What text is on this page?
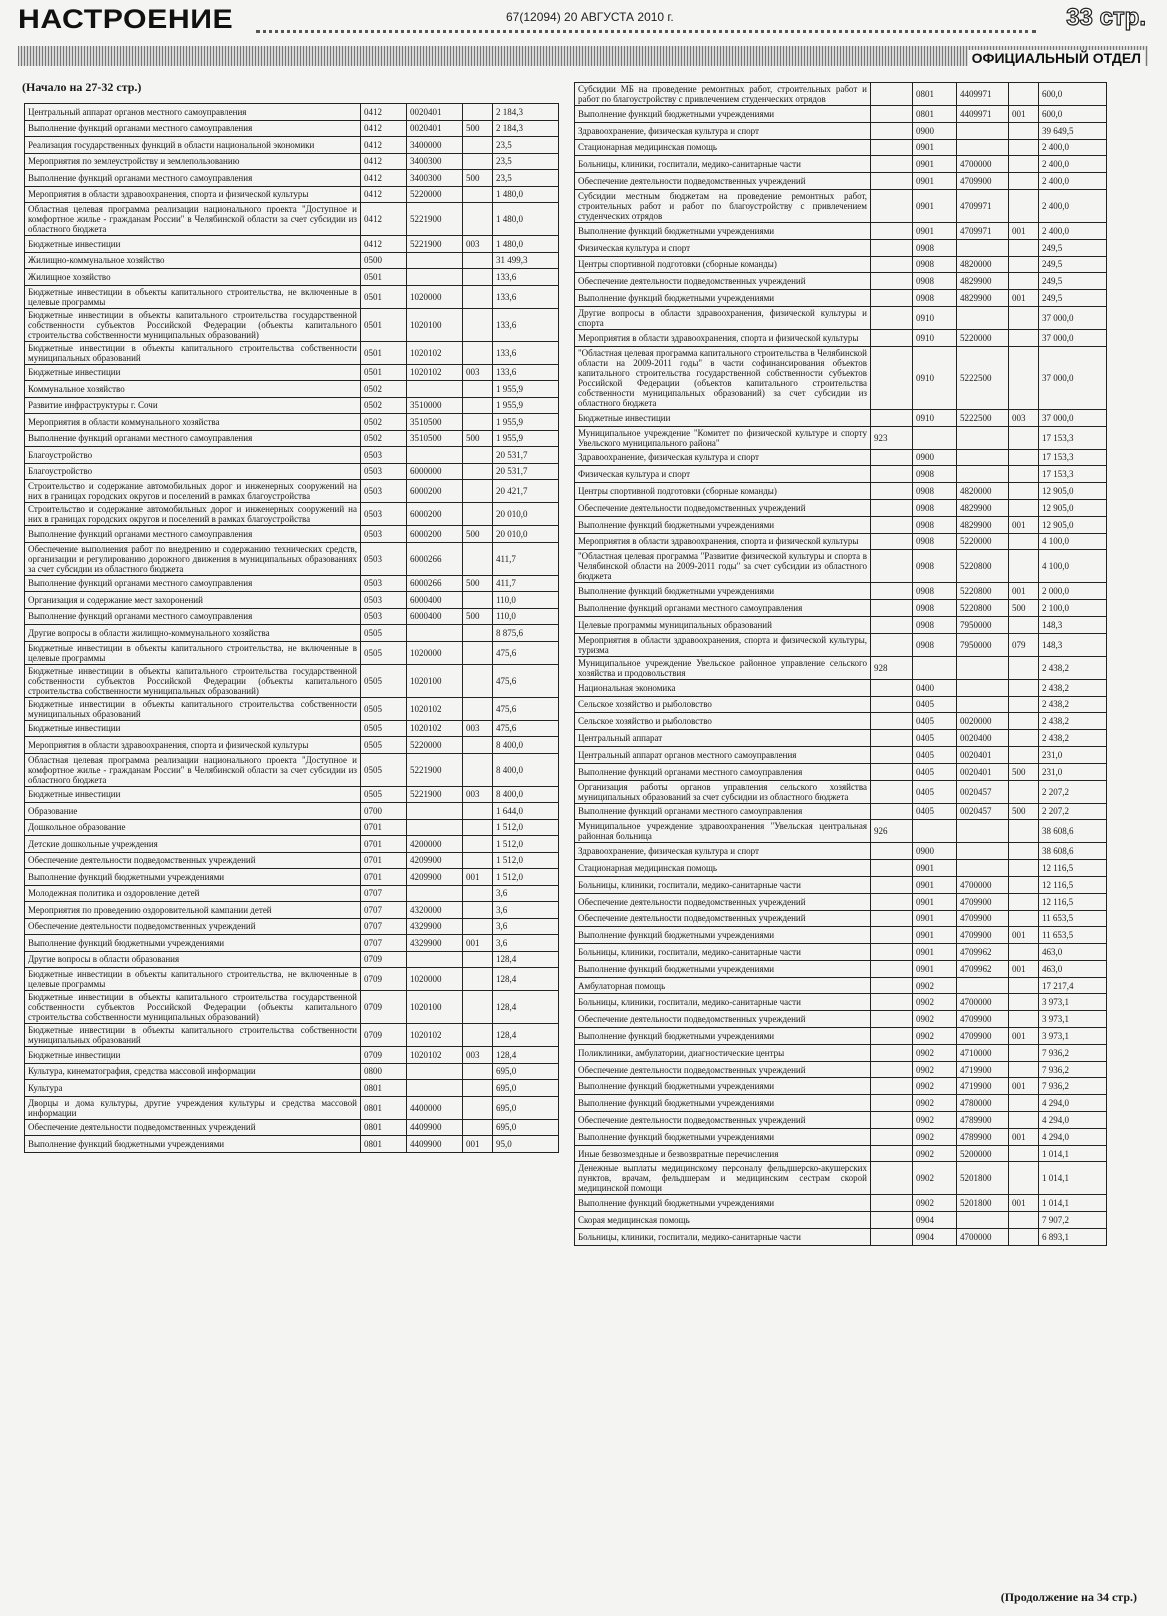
НАСТРОЕНИЕ	67(12094) 20 АВГУСТА 2010 г.	33 стр.
ОФИЦИАЛЬНЫЙ ОТДЕЛ
(Начало на 27-32 стр.)
Центральный аппарат органов местного самоуправления	0412	0020401		2 184,3
Выполнение функций органами местного самоуправления	0412	0020401	500	2 184,3
Реализация государственных функций в области национальной экономики	0412	3400000		23,5
Мероприятия по землеустройству и землепользованию	0412	3400300		23,5
Выполнение функций органами местного самоуправления	0412	3400300	500	23,5
Мероприятия в области здравоохранения, спорта и физической культуры	0412	5220000		1 480,0
Областная целевая программа реализации национального проекта "Доступное и комфортное жилье - гражданам России" в Челябинской области за счет субсидии из областного бюджета	0412	5221900		1 480,0
Бюджетные инвестиции	0412	5221900	003	1 480,0
Жилищно-коммунальное хозяйство	0500			31 499,3
Жилищное хозяйство	0501			133,6
Бюджетные инвестиции в объекты капитального строительства, не включенные в целевые программы	0501	1020000		133,6
Бюджетные инвестиции в объекты капитального строительства государственной собственности субъектов Российской Федерации (объекты капитального строительства собственности муниципальных образований)	0501	1020100		133,6
Бюджетные инвестиции в объекты капитального строительства собственности муниципальных образований	0501	1020102		133,6
Бюджетные инвестиции	0501	1020102	003	133,6
Коммунальное хозяйство	0502			1 955,9
Развитие инфраструктуры г. Сочи	0502	3510000		1 955,9
Мероприятия в области коммунального хозяйства	0502	3510500		1 955,9
Выполнение функций органами местного самоуправления	0502	3510500	500	1 955,9
Благоустройство	0503			20 531,7
Благоустройство	0503	6000000		20 531,7
Строительство и содержание автомобильных дорог и инженерных сооружений на них в границах городских округов и поселений в рамках благоустройства	0503	6000200		20 421,7
Строительство и содержание автомобильных дорог и инженерных сооружений на них в границах городских округов и поселений в рамках благоустройства	0503	6000200		20 010,0
Выполнение функций органами местного самоуправления	0503	6000200	500	20 010,0
Обеспечение выполнения работ по внедрению и содержанию технических средств, организации и регулированию дорожного движения в муниципальных образованиях за счет субсидии из областного бюджета	0503	6000266		411,7
Выполнение функций органами местного самоуправления	0503	6000266	500	411,7
Организация и содержание мест захоронений	0503	6000400		110,0
Выполнение функций органами местного самоуправления	0503	6000400	500	110,0
Другие вопросы в области жилищно-коммунального хозяйства	0505			8 875,6
Бюджетные инвестиции в объекты капитального строительства, не включенные в целевые программы	0505	1020000		475,6
Бюджетные инвестиции в объекты капитального строительства государственной собственности субъектов Российской Федерации (объекты капитального строительства собственности муниципальных образований)	0505	1020100		475,6
Бюджетные инвестиции в объекты капитального строительства собственности муниципальных образований	0505	1020102		475,6
Бюджетные инвестиции	0505	1020102	003	475,6
Мероприятия в области здравоохранения, спорта и физической культуры	0505	5220000		8 400,0
Областная целевая программа реализации национального проекта "Доступное и комфортное жилье - гражданам России" в Челябинской области за счет субсидии из областного бюджета	0505	5221900		8 400,0
Бюджетные инвестиции	0505	5221900	003	8 400,0
Образование	0700			1 644,0
Дошкольное образование	0701			1 512,0
Детские дошкольные учреждения	0701	4200000		1 512,0
Обеспечение деятельности подведомственных учреждений	0701	4209900		1 512,0
Выполнение функций бюджетными учреждениями	0701	4209900	001	1 512,0
Молодежная политика и оздоровление детей	0707			3,6
Мероприятия по проведению оздоровительной кампании детей	0707	4320000		3,6
Обеспечение деятельности подведомственных учреждений	0707	4329900		3,6
Выполнение функций бюджетными учреждениями	0707	4329900	001	3,6
Другие вопросы в области образования	0709			128,4
Бюджетные инвестиции в объекты капитального строительства, не включенные в целевые программы	0709	1020000		128,4
Бюджетные инвестиции в объекты капитального строительства государственной собственности субъектов Российской Федерации (объекты капитального строительства собственности муниципальных образований)	0709	1020100		128,4
Бюджетные инвестиции в объекты капитального строительства собственности муниципальных образований	0709	1020102		128,4
Бюджетные инвестиции	0709	1020102	003	128,4
Культура, кинематография, средства массовой информации	0800			695,0
Культура	0801			695,0
Дворцы и дома культуры, другие учреждения культуры и средства массовой информации	0801	4400000		695,0
Обеспечение деятельности подведомственных учреждений	0801	4409900		695,0
Выполнение функций бюджетными учреждениями	0801	4409900	001	95,0
Субсидии МБ на проведение ремонтных работ, строительных работ и работ по благоустройству с привлечением студенческих отрядов		0801	4409971		600,0
Выполнение функций бюджетными учреждениями		0801	4409971	001	600,0
Здравоохранение, физическая культура и спорт		0900			39 649,5
Стационарная медицинская помощь		0901			2 400,0
Больницы, клиники, госпитали, медико-санитарные части		0901	4700000		2 400,0
Обеспечение деятельности подведомственных учреждений		0901	4709900		2 400,0
Субсидии местным бюджетам на проведение ремонтных работ, строительных работ и работ по благоустройству с привлечением студенческих отрядов		0901	4709971		2 400,0
Выполнение функций бюджетными учреждениями		0901	4709971	001	2 400,0
Физическая культура и спорт		0908			249,5
Центры спортивной подготовки (сборные команды)		0908	4820000		249,5
Обеспечение деятельности подведомственных учреждений		0908	4829900		249,5
Выполнение функций бюджетными учреждениями		0908	4829900	001	249,5
Другие вопросы в области здравоохранения, физической культуры и спорта		0910			37 000,0
Мероприятия в области здравоохранения, спорта и физической культуры		0910	5220000		37 000,0
"Областная целевая программа капитального строительства в Челябинской области на 2009-2011 годы" в части софинансирования объектов капитального строительства государственной собственности субъектов Российской Федерации (объектов капитального строительства собственности муниципальных образований) за счет субсидии из областного бюджета		0910	5222500		37 000,0
Бюджетные инвестиции		0910	5222500	003	37 000,0
Муниципальное учреждение "Комитет по физической культуре и спорту Увельского муниципального района"	923				17 153,3
Здравоохранение, физическая культура и спорт		0900			17 153,3
Физическая культура и спорт		0908			17 153,3
Центры спортивной подготовки (сборные команды)		0908	4820000		12 905,0
Обеспечение деятельности подведомственных учреждений		0908	4829900		12 905,0
Выполнение функций бюджетными учреждениями		0908	4829900	001	12 905,0
Мероприятия в области здравоохранения, спорта и физической культуры		0908	5220000		4 100,0
"Областная целевая программа "Развитие физической культуры и спорта в Челябинской области на 2009-2011 годы" за счет субсидии из областного бюджета		0908	5220800		4 100,0
Выполнение функций бюджетными учреждениями		0908	5220800	001	2 000,0
Выполнение функций органами местного самоуправления		0908	5220800	500	2 100,0
Целевые программы муниципальных образований		0908	7950000		148,3
Мероприятия в области здравоохранения, спорта и физической культуры, туризма		0908	7950000	079	148,3
Муниципальное учреждение Увельское районное управление сельского хозяйства и продовольствия	928				2 438,2
Национальная экономика		0400			2 438,2
Сельское хозяйство и рыболовство		0405			2 438,2
Сельское хозяйство и рыболовство		0405	0020000		2 438,2
Центральный аппарат		0405	0020400		2 438,2
Центральный аппарат органов местного самоуправления		0405	0020401		231,0
Выполнение функций органами местного самоуправления		0405	0020401	500	231,0
Организация работы органов управления сельского хозяйства муниципальных образований за счет субсидии из областного бюджета		0405	0020457		2 207,2
Выполнение функций органами местного самоуправления		0405	0020457	500	2 207,2
Муниципальное учреждение здравоохранения "Увельская центральная районная больница	926				38 608,6
Здравоохранение, физическая культура и спорт		0900			38 608,6
Стационарная медицинская помощь		0901			12 116,5
Больницы, клиники, госпитали, медико-санитарные части		0901	4700000		12 116,5
Обеспечение деятельности подведомственных учреждений		0901	4709900		12 116,5
Обеспечение деятельности подведомственных учреждений		0901	4709900		11 653,5
Выполнение функций бюджетными учреждениями		0901	4709900	001	11 653,5
Больницы, клиники, госпитали, медико-санитарные части		0901	4709962		463,0
Выполнение функций бюджетными учреждениями		0901	4709962	001	463,0
Амбулаторная помощь		0902			17 217,4
Больницы, клиники, госпитали, медико-санитарные части		0902	4700000		3 973,1
Обеспечение деятельности подведомственных учреждений		0902	4709900		3 973,1
Выполнение функций бюджетными учреждениями		0902	4709900	001	3 973,1
Поликлиники, амбулатории, диагностические центры		0902	4710000		7 936,2
Обеспечение деятельности подведомственных учреждений		0902	4719900		7 936,2
Выполнение функций бюджетными учреждениями		0902	4719900	001	7 936,2
Выполнение функций бюджетными учреждениями		0902	4780000		4 294,0
Обеспечение деятельности подведомственных учреждений		0902	4789900		4 294,0
Выполнение функций бюджетными учреждениями		0902	4789900	001	4 294,0
Иные безвозмездные и безвозвратные перечисления		0902	5200000		1 014,1
Денежные выплаты медицинскому персоналу фельдшерско-акушерских пунктов, врачам, фельдшерам и медицинским сестрам скорой медицинской помощи		0902	5201800		1 014,1
Выполнение функций бюджетными учреждениями		0902	5201800	001	1 014,1
Скорая медицинская помощь		0904			7 907,2
Больницы, клиники, госпитали, медико-санитарные части		0904	4700000		6 893,1
(Продолжение на 34 стр.)
